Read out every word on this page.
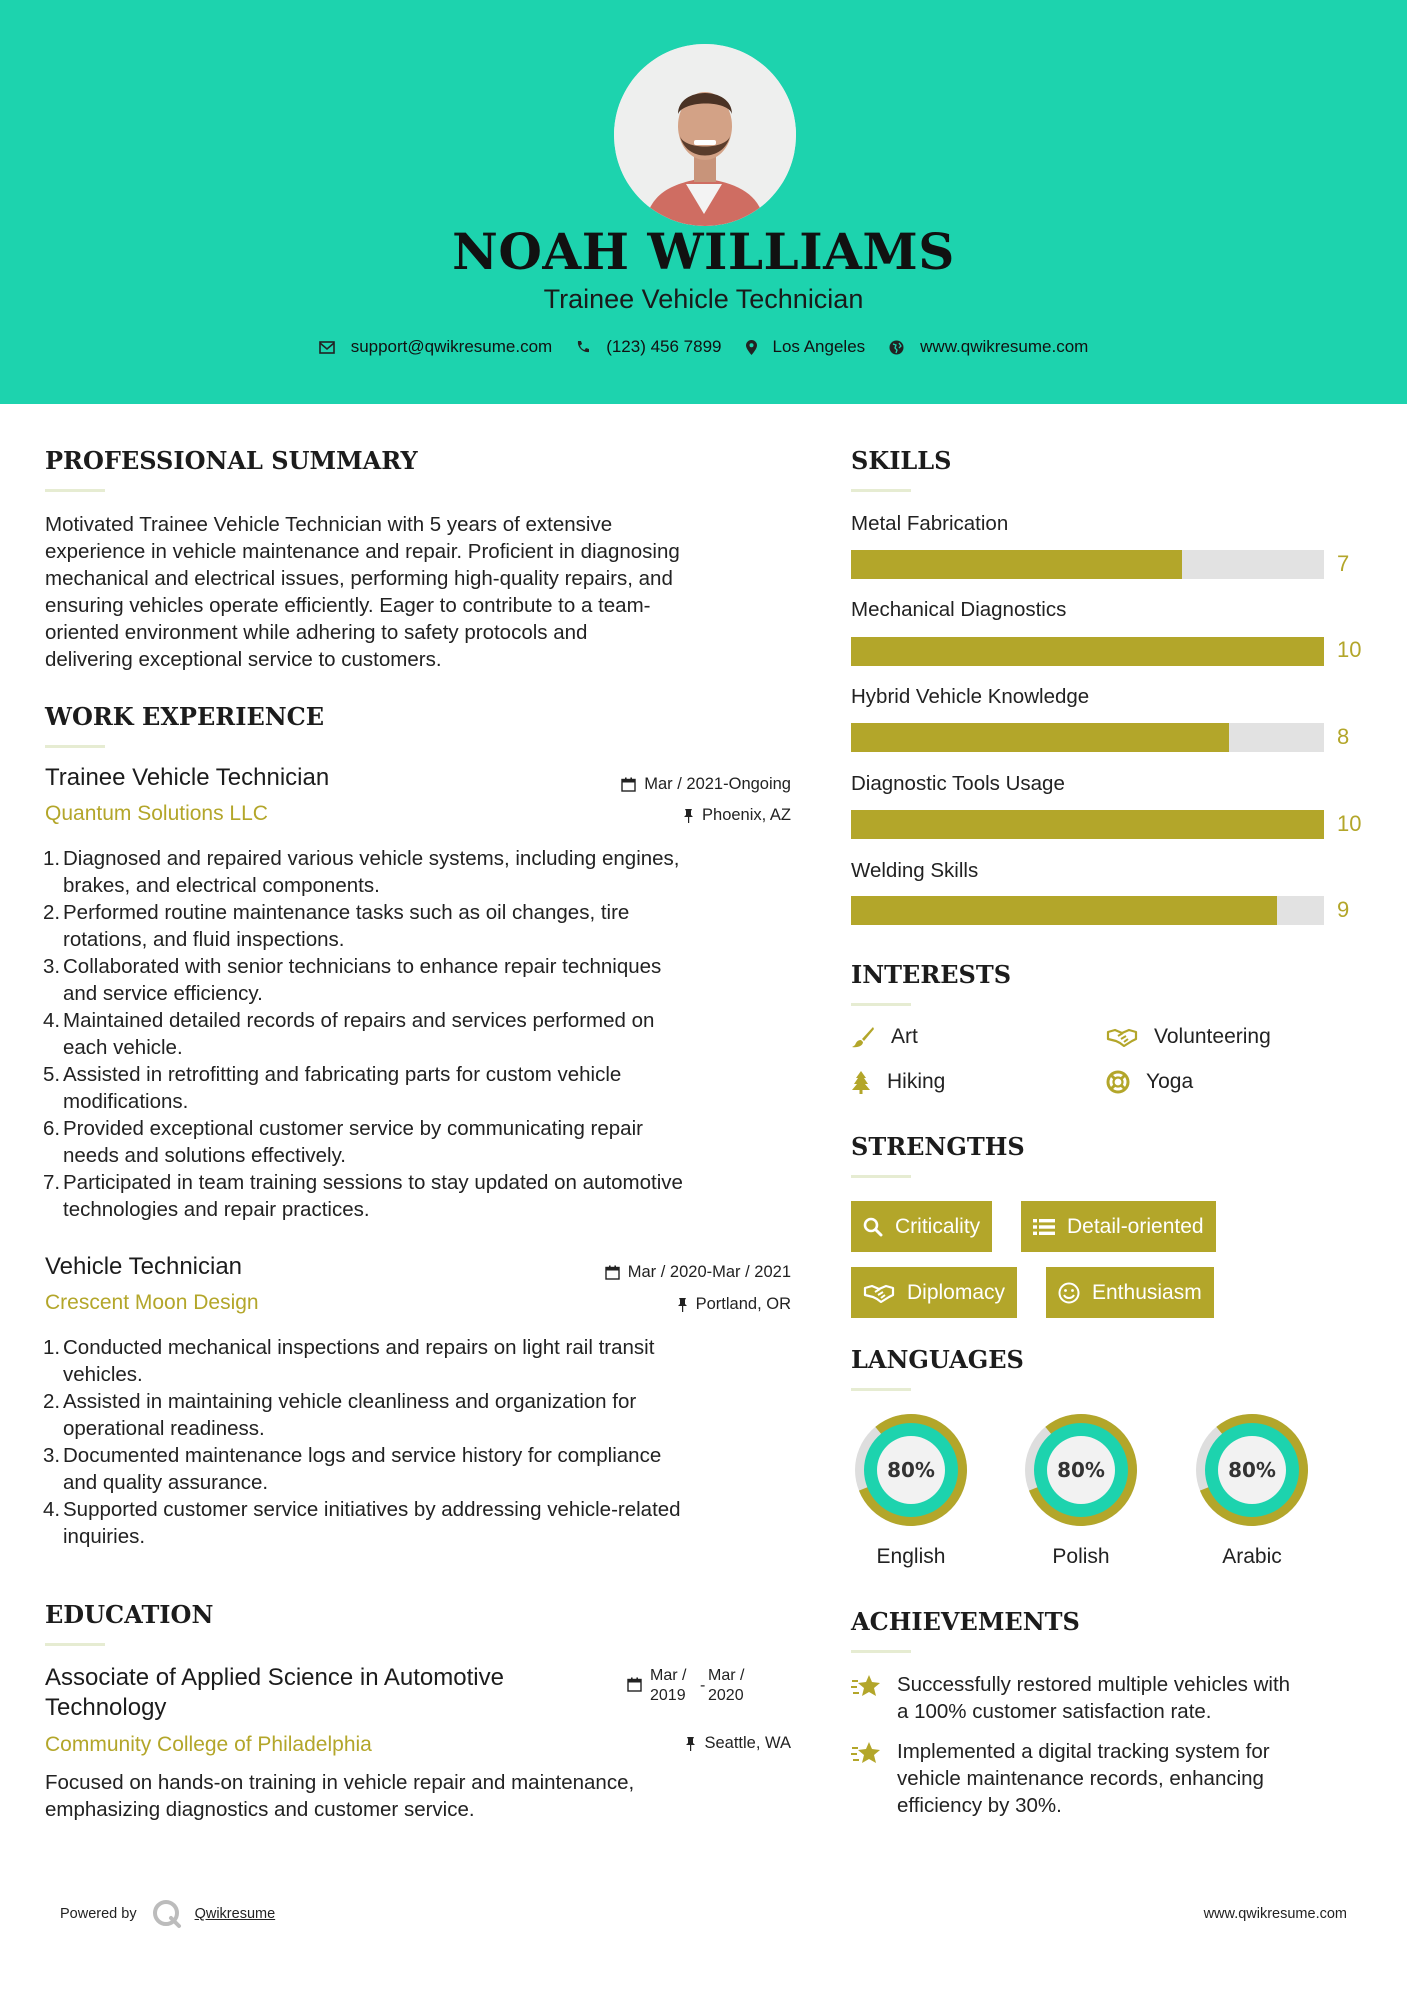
NOAH WILLIAMS
Trainee Vehicle Technician
support@qwikresume.com	(123) 456 7899	Los Angeles	www.qwikresume.com
PROFESSIONAL SUMMARY
Motivated Trainee Vehicle Technician with 5 years of extensive
experience in vehicle maintenance and repair. Proficient in diagnosing
mechanical and electrical issues, performing high-quality repairs, and
ensuring vehicles operate efficiently. Eager to contribute to a team-
oriented environment while adhering to safety protocols and
delivering exceptional service to customers.
WORK EXPERIENCE
Trainee Vehicle Technician	Mar / 2021-Ongoing
Quantum Solutions LLC	Phoenix, AZ
1. Diagnosed and repaired various vehicle systems, including engines,
brakes, and electrical components.
2. Performed routine maintenance tasks such as oil changes, tire
rotations, and fluid inspections.
3. Collaborated with senior technicians to enhance repair techniques
and service efficiency.
4. Maintained detailed records of repairs and services performed on
each vehicle.
5. Assisted in retrofitting and fabricating parts for custom vehicle
modifications.
6. Provided exceptional customer service by communicating repair
needs and solutions effectively.
7. Participated in team training sessions to stay updated on automotive
technologies and repair practices.
Vehicle Technician	Mar / 2020-Mar / 2021
Crescent Moon Design	Portland, OR
1. Conducted mechanical inspections and repairs on light rail transit
vehicles.
2. Assisted in maintaining vehicle cleanliness and organization for
operational readiness.
3. Documented maintenance logs and service history for compliance
and quality assurance.
4. Supported customer service initiatives by addressing vehicle-related
inquiries.
EDUCATION
Associate of Applied Science in Automotive
Technology
Mar /
2019
-
Mar /
2020
Community College of Philadelphia	Seattle, WA
Focused on hands-on training in vehicle repair and maintenance,
emphasizing diagnostics and customer service.
SKILLS
Metal Fabrication
7
Mechanical Diagnostics
10
Hybrid Vehicle Knowledge
8
Diagnostic Tools Usage
10
Welding Skills
9
INTERESTS
Art	Volunteering
Hiking	Yoga
STRENGTHS
Criticality	Detail-oriented
Diplomacy	Enthusiasm
LANGUAGES
80%
English
80%
Polish
80%
Arabic
ACHIEVEMENTS
Successfully restored multiple vehicles with
a 100% customer satisfaction rate.
Implemented a digital tracking system for
vehicle maintenance records, enhancing
efficiency by 30%.
Powered by	Qwikresume	www.qwikresume.com
